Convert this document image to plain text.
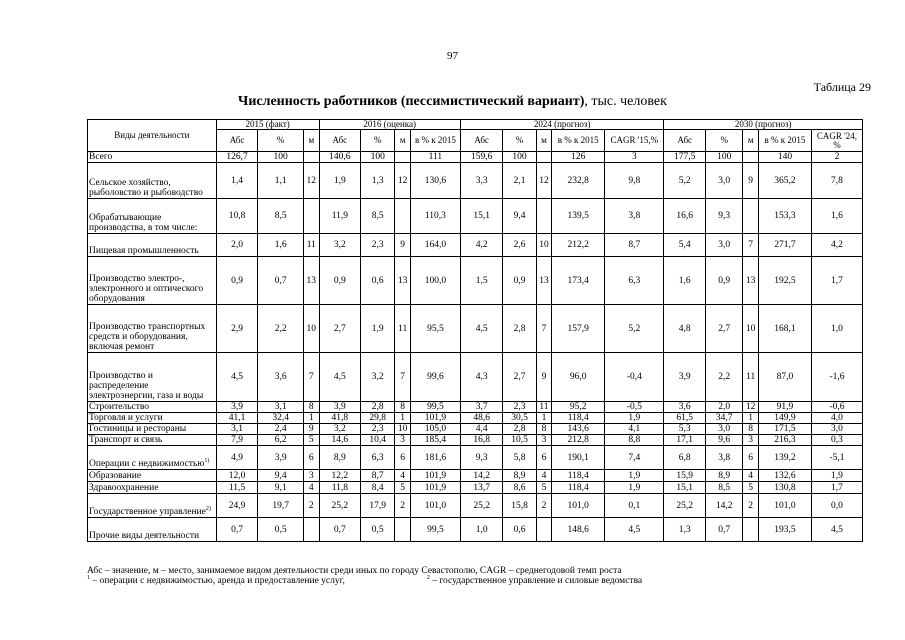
97
Таблица 29
Численность работников (пессимистический вариант), тыс. человек
Виды деятельности	2015 (факт)			2016 (оценка)				2024 (прогноз)					2030 (прогноз)				
	Абс	%	м	Абс	%	м	в % к 2015	Абс	%	м	в % к 2015	CAGR '15,%	Абс	%	м	в % к 2015	CAGR '24, %

Всего	126,7	100		140,6	100		111	159,6	100		126	3	177,5	100		140	2

Сельское хозяйство, рыболовство и рыбоводство	1,4	1,1	12	1,9	1,3	12	130,6	3,3	2,1	12	232,8	9,8	5,2	3,0	9	365,2	7,8

Обрабатывающие производства, в том числе:	10,8	8,5		11,9	8,5		110,3	15,1	9,4		139,5	3,8	16,6	9,3		153,3	1,6

Пищевая промышленность	2,0	1,6	11	3,2	2,3	9	164,0	4,2	2,6	10	212,2	8,7	5,4	3,0	7	271,7	4,2

Производство электро-, электронного и оптического оборудования	0,9	0,7	13	0,9	0,6	13	100,0	1,5	0,9	13	173,4	6,3	1,6	0,9	13	192,5	1,7

Производство транспортных средств и оборудования, включая ремонт	2,9	2,2	10	2,7	1,9	11	95,5	4,5	2,8	7	157,9	5,2	4,8	2,7	10	168,1	1,0

Производство и распределение электроэнергии, газа и воды	4,5	3,6	7	4,5	3,2	7	99,6	4,3	2,7	9	96,0	-0,4	3,9	2,2	11	87,0	-1,6

Строительство	3,9	3,1	8	3,9	2,8	8	99,5	3,7	2,3	11	95,2	-0,5	3,6	2,0	12	91,9	-0,6

Торговля и услуги	41,1	32,4	1	41,8	29,8	1	101,9	48,6	30,5	1	118,4	1,9	61,5	34,7	1	149,9	4,0

Гостиницы и рестораны	3,1	2,4	9	3,2	2,3	10	105,0	4,4	2,8	8	143,6	4,1	5,3	3,0	8	171,5	3,0

Транспорт и связь	7,9	6,2	5	14,6	10,4	3	185,4	16,8	10,5	3	212,8	8,8	17,1	9,6	3	216,3	0,3
Операции с недвижимостью$^{1)}$	4,9	3,9	6	8,9	6,3	6	181,6	9,3	5,8	6	190,1	7,4	6,8	3,8	6	139,2	-5,1

Образование	12,0	9,4	3	12,2	8,7	4	101,9	14,2	8,9	4	118,4	1,9	15,9	8,9	4	132,6	1,9

Здравоохранение	11,5	9,1	4	11,8	8,4	5	101,9	13,7	8,6	5	118,4	1,9	15,1	8,5	5	130,8	1,7
Государственное управление$^{2)}$	24,9	19,7	2	25,2	17,9	2	101,0	25,2	15,8	2	101,0	0,1	25,2	14,2	2	101,0	0,0

Прочие виды деятельности	0,7	0,5		0,7	0,5		99,5	1,0	0,6		148,6	4,5	1,3	0,7		193,5	4,5
Абс – значение, м – место, занимаемое видом деятельности среди иных по городу Севастополю, CAGR – среднегодовой темп роста
$^1$ – операции с недвижимостью, аренда и предоставление услуг,	$^2$ – государственное управление и силовые ведомства
